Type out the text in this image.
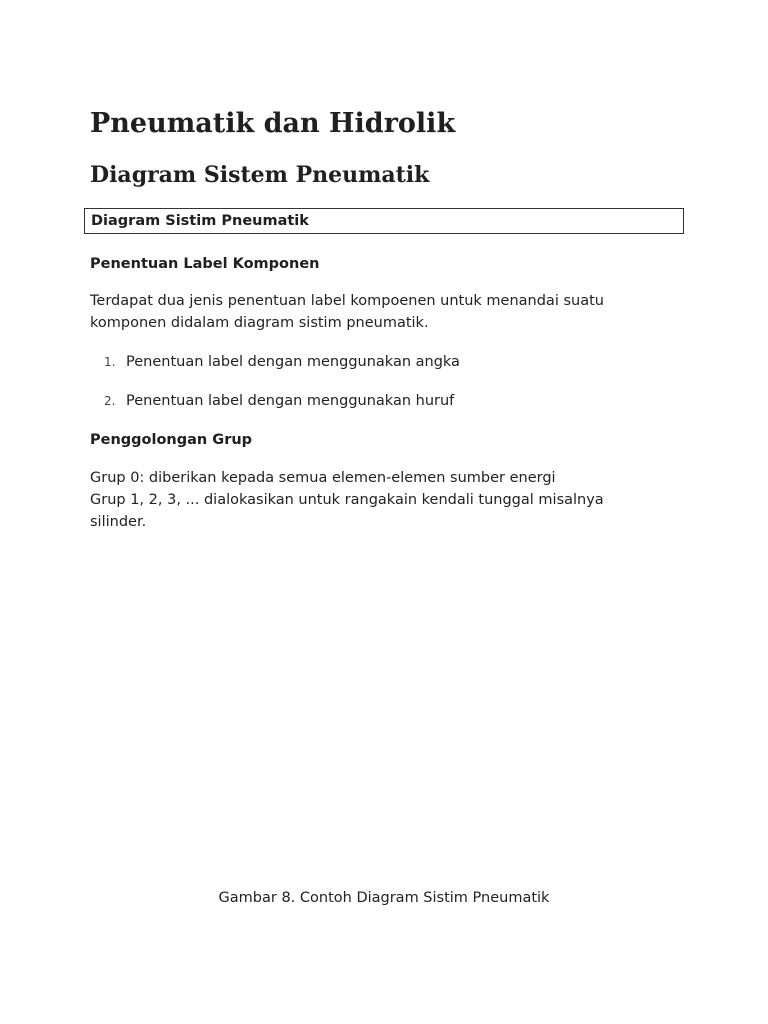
Pneumatik dan Hidrolik
Diagram Sistem Pneumatik
Diagram Sistim Pneumatik
Penentuan Label Komponen

Terdapat dua jenis penentuan label kompoenen untuk menandai suatu
komponen didalam diagram sistim pneumatik.

1. Penentuan label dengan menggunakan angka
2. Penentuan label dengan menggunakan huruf
Penggolongan Grup

Grup 0: diberikan kepada semua elemen-elemen sumber energi
Grup 1, 2, 3, ... dialokasikan untuk rangakain kendali tunggal misalnya
silinder.

Gambar 8. Contoh Diagram Sistim Pneumatik
